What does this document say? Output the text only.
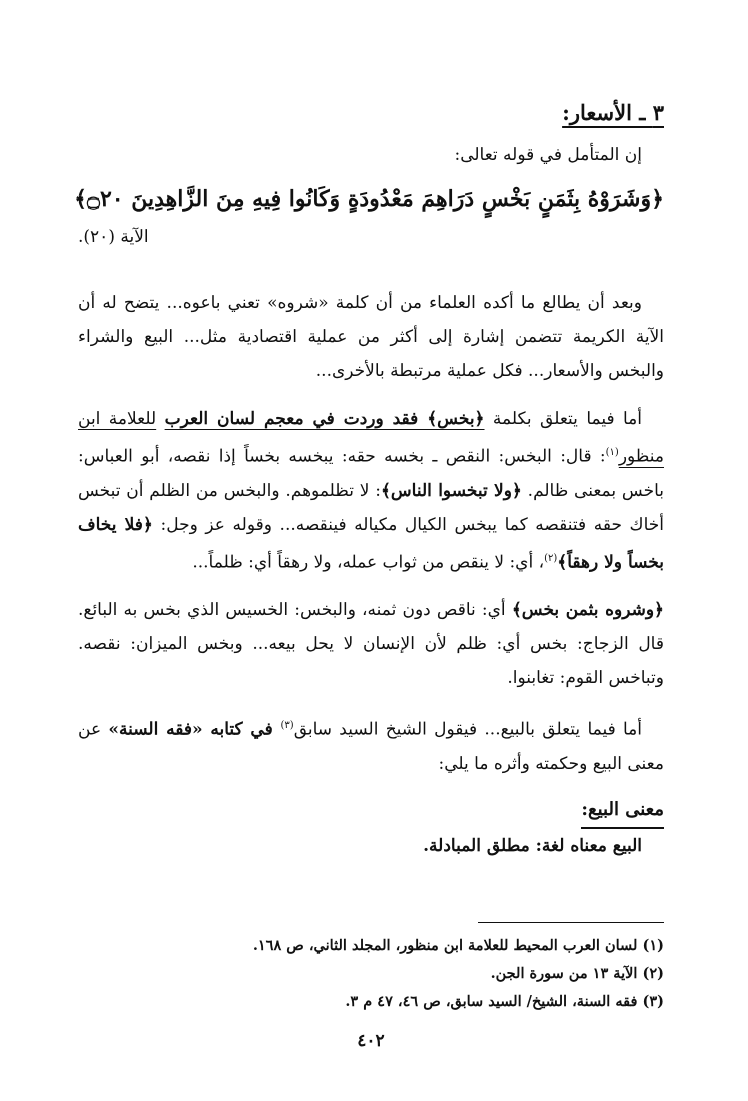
٣ ـ الأسعار:

إن المتأمل في قوله تعالى:

﴿وَشَرَوْهُ بِثَمَنٍ بَخْسٍ دَرَاهِمَ مَعْدُودَةٍ وَكَانُوا فِيهِ مِنَ الزَّاهِدِينَ ۝٢٠﴾

الآية (٢٠).

وبعد أن يطالع ما أكده العلماء من أن كلمة «شروه» تعني باعوه... يتضح له أن الآية الكريمة تتضمن إشارة إلى أكثر من عملية اقتصادية مثل... البيع والشراء والبخس والأسعار... فكل عملية مرتبطة بالأخرى...

أما فيما يتعلق بكلمة ﴿بخس﴾ فقد وردت في معجم لسان العرب للعلامة ابن منظور$^{(١)}$: قال: البخس: النقص ـ بخسه حقه: يبخسه بخساً إذا نقصه، أبو العباس: باخس بمعنى ظالم. ﴿ولا تبخسوا الناس﴾: لا تظلموهم. والبخس من الظلم أن تبخس أخاك حقه فتنقصه كما يبخس الكيال مكياله فينقصه... وقوله عز وجل: ﴿فلا يخاف بخساً ولا رهقاً﴾$^{(٢)}$، أي: لا ينقص من ثواب عمله، ولا رهقاً أي: ظلماً...

﴿وشروه بثمن بخس﴾ أي: ناقص دون ثمنه، والبخس: الخسيس الذي بخس به البائع. قال الزجاج: بخس أي: ظلم لأن الإنسان لا يحل بيعه... وبخس الميزان: نقصه. وتباخس القوم: تغابنوا.

أما فيما يتعلق بالبيع... فيقول الشيخ السيد سابق$^{(٣)}$ في كتابه «فقه السنة» عن معنى البيع وحكمته وأثره ما يلي:

معنى البيع:

البيع معناه لغة: مطلق المبادلة.

(١) لسان العرب المحيط للعلامة ابن منظور، المجلد الثاني، ص ١٦٨.

(٢) الآية ١٣ من سورة الجن.

(٣) فقه السنة، الشيخ/ السيد سابق، ص ٤٦، ٤٧ م ٣.

٤٠٢
